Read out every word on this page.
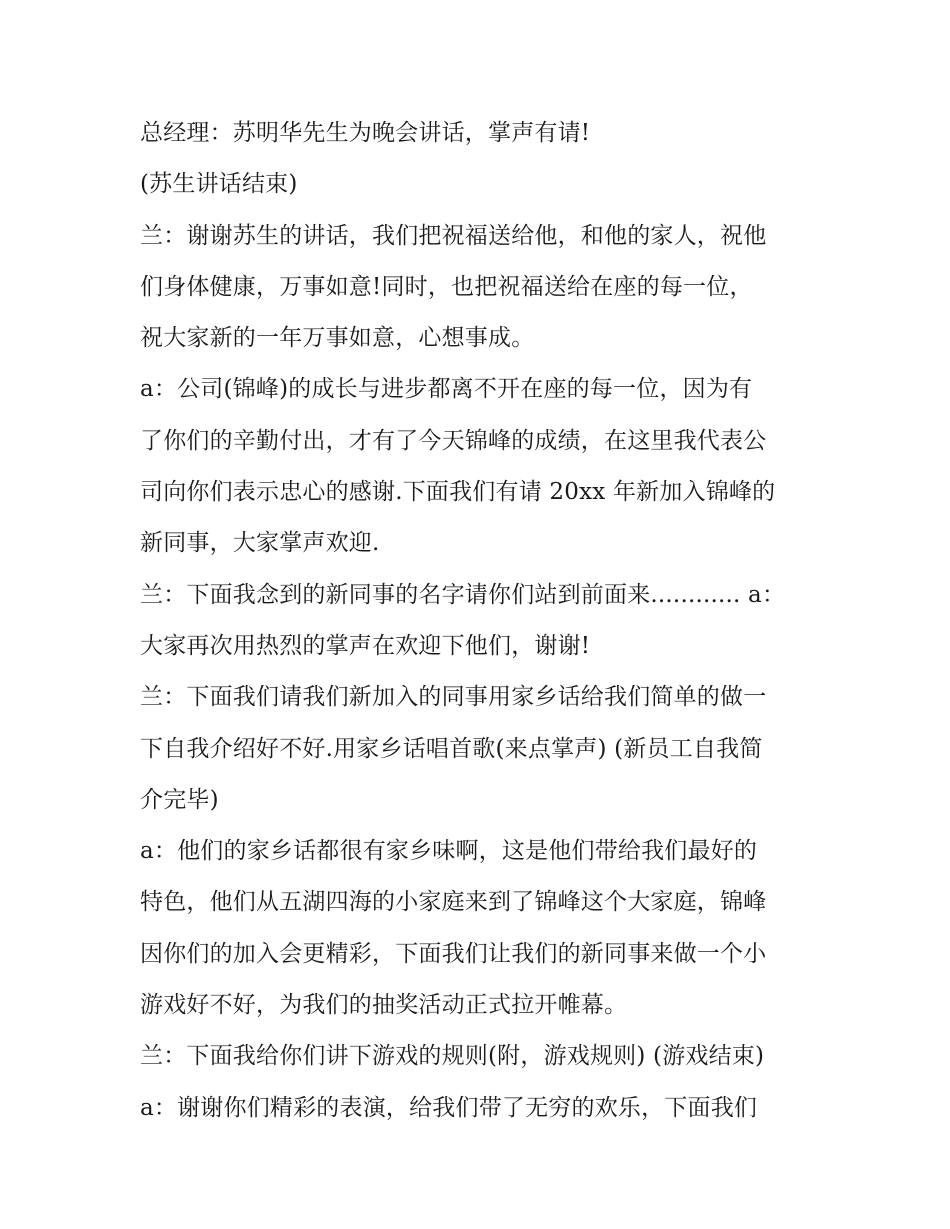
总经理：苏明华先生为晚会讲话，掌声有请!
(苏生讲话结束)
兰：谢谢苏生的讲话，我们把祝福送给他，和他的家人，祝他
们身体健康，万事如意!同时，也把祝福送给在座的每一位，
祝大家新的一年万事如意，心想事成。
a：公司(锦峰)的成长与进步都离不开在座的每一位，因为有
了你们的辛勤付出，才有了今天锦峰的成绩，在这里我代表公
司向你们表示忠心的感谢.下面我们有请 20xx 年新加入锦峰的
新同事，大家掌声欢迎.
兰：下面我念到的新同事的名字请你们站到前面来............ a：
大家再次用热烈的掌声在欢迎下他们，谢谢!
兰：下面我们请我们新加入的同事用家乡话给我们简单的做一
下自我介绍好不好.用家乡话唱首歌(来点掌声) (新员工自我简
介完毕)
a：他们的家乡话都很有家乡味啊，这是他们带给我们最好的
特色，他们从五湖四海的小家庭来到了锦峰这个大家庭，锦峰
因你们的加入会更精彩，下面我们让我们的新同事来做一个小
游戏好不好，为我们的抽奖活动正式拉开帷幕。
兰：下面我给你们讲下游戏的规则(附，游戏规则) (游戏结束)
a：谢谢你们精彩的表演，给我们带了无穷的欢乐，下面我们
